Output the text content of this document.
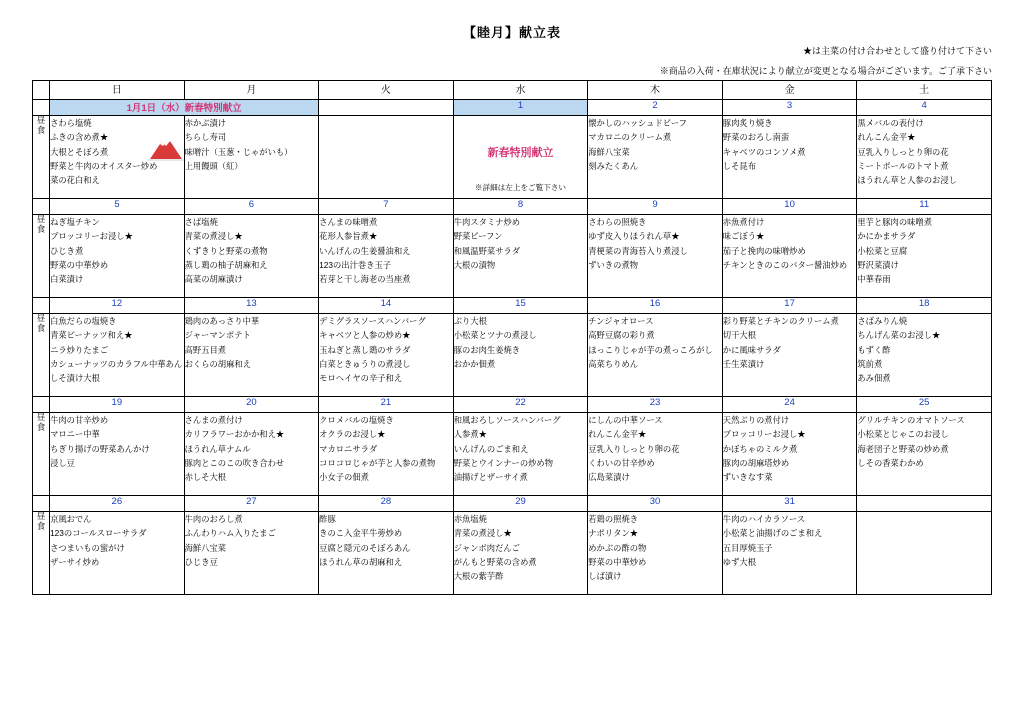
【睦月】献立表
★は主菜の付け合わせとして盛り付けて下さい
※商品の入荷・在庫状況により献立が変更となる場合がございます。ご了承下さい
	日	月	火	水	木	金	土
	1月1日（水）新春特別献立			1	2	3	4

昼
食

さわら塩焼
ふきの含め煮★
大根とそぼろ煮
野菜と牛肉のオイスター炒め
菜の花白和え

赤かぶ漬け
ちらし寿司
味噌汁（玉葱・じゃがいも）
上用饅頭（紅）

新春特別献立
※詳細は左上をご覧下さい

懐かしのハッシュドビーフ
マカロニのクリーム煮
海鮮八宝菜
刻みたくあん

豚肉炙り焼き
野菜のおろし南蛮
キャベツのコンソメ煮
しそ昆布

黒メバルの表付け
れんこん金平★
豆乳入りしっとり卵の花
ミートボールのトマト煮
ほうれん草と人参のお浸し

	5	6	7	8	9	10	11

昼
食

ねぎ塩チキン
ブロッコリーお浸し★
ひじき煮
野菜の中華炒め
白菜漬け

さば塩焼
青菜の煮浸し★
くずきりと野菜の煮物
蒸し鶏の柚子胡麻和え
高菜の胡麻漬け

さんまの味噌煮
花形人参旨煮★
いんげんの生姜醤油和え
123の出汁巻き玉子
若芽と干し海老の当座煮

牛肉スタミナ炒め
野菜ビーフン
和風温野菜サラダ
大根の漬物

さわらの照焼き
ゆず皮入りほうれん草★
青梗菜の青海苔入り煮浸し
ずいきの煮物

赤魚煮付け
味ごぼう★
茄子と挽肉の味噌炒め
チキンときのこのバター醤油炒め

里芋と豚肉の味噌煮
かにかまサラダ
小松菜と豆腐
野沢菜漬け
中華春雨

	12	13	14	15	16	17	18

昼
食

白魚だらの塩焼き
青菜ピーナッツ和え★
ニラ炒りたまご
カシューナッツのカラフル中華あん
しそ漬け大根

鶏肉のあっさり中華
ジャーマンポテト
高野五目煮
おくらの胡麻和え

デミグラスソースハンバーグ
キャベツと人参の炒め★
玉ねぎと蒸し鶏のサラダ
白菜ときゅうりの煮浸し
モロヘイヤの辛子和え

ぶり大根
小松菜とツナの煮浸し
豚のお肉生姜焼き
おかか佃煮

チンジャオロース
高野豆腐の彩り煮
ほっこりじゃが芋の煮っころがし
高菜ちりめん

彩り野菜とチキンのクリーム煮
切干大根
かに風味サラダ
壬生菜漬け

さばみりん焼
ちんげん菜のお浸し★
もずく酢
筑前煮
あみ佃煮

	19	20	21	22	23	24	25

昼
食

牛肉の甘辛炒め
マロニー中華
ちぎり揚げの野菜あんかけ
浸し豆

さんまの煮付け
カリフラワーおかか和え★
ほうれん草ナムル
豚肉とこのこの吹き合わせ
赤しそ大根

クロメバルの塩焼き
オクラのお浸し★
マカロニサラダ
コロコロじゃが芋と人参の煮物
小女子の佃煮

和風おろしソースハンバーグ
人参煮★
いんげんのごま和え
野菜とウインナーの炒め物
油揚げとザーサイ煮

にしんの中華ソース
れんこん金平★
豆乳入りしっとり卵の花
くわいの甘辛炒め
広島菜漬け

天然ぶりの煮付け
ブロッコリーお浸し★
かぼちゃのミルク煮
豚肉の胡麻塔炒め
ずいきなす菜

グリルチキンのオマトソース
小松菜とじゃこのお浸し
海老団子と野菜の炒め煮
しその香菜わかめ

	26	27	28	29	30	31	

昼
食

京風おでん
123のコールスローサラダ
さつまいもの蜜がけ
ザーサイ炒め

牛肉のおろし煮
ふんわりハム入りたまご
海鮮八宝菜
ひじき豆

酢豚
きのこ入金平牛蒡炒め
豆腐と隠元のそぼろあん
ほうれん草の胡麻和え

赤魚塩焼
青菜の煮浸し★
ジャンボ肉だんご
がんもと野菜の含め煮
大根の紫芋酢

若鶏の照焼き
ナポリタン★
めかぶの酢の物
野菜の中華炒め
しば漬け

牛肉のハイカラソース
小松菜と油揚げのごま和え
五目厚焼玉子
ゆず大根
